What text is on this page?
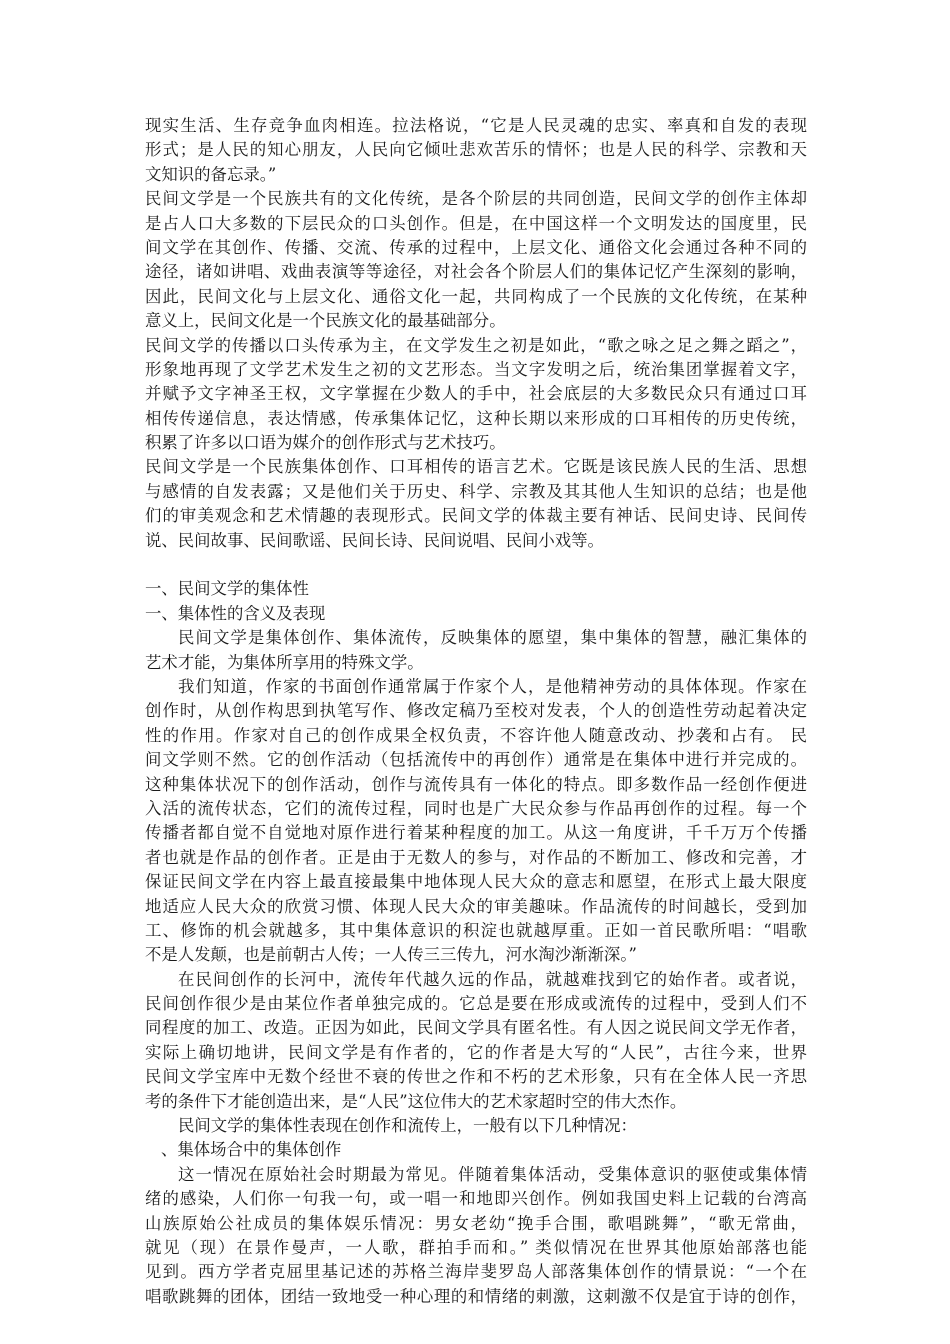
现实生活、生存竞争血肉相连。拉法格说，“它是人民灵魂的忠实、率真和自发的表现
形式；是人民的知心朋友，人民向它倾吐悲欢苦乐的情怀；也是人民的科学、宗教和天
文知识的备忘录。”
民间文学是一个民族共有的文化传统，是各个阶层的共同创造，民间文学的创作主体却
是占人口大多数的下层民众的口头创作。但是，在中国这样一个文明发达的国度里，民
间文学在其创作、传播、交流、传承的过程中，上层文化、通俗文化会通过各种不同的
途径，诸如讲唱、戏曲表演等等途径，对社会各个阶层人们的集体记忆产生深刻的影响，
因此，民间文化与上层文化、通俗文化一起，共同构成了一个民族的文化传统，在某种
意义上，民间文化是一个民族文化的最基础部分。
民间文学的传播以口头传承为主，在文学发生之初是如此，“歌之咏之足之舞之蹈之”，
形象地再现了文学艺术发生之初的文艺形态。当文字发明之后，统治集团掌握着文字，
并赋予文字神圣王权，文字掌握在少数人的手中，社会底层的大多数民众只有通过口耳
相传传递信息，表达情感，传承集体记忆，这种长期以来形成的口耳相传的历史传统，
积累了许多以口语为媒介的创作形式与艺术技巧。
民间文学是一个民族集体创作、口耳相传的语言艺术。它既是该民族人民的生活、思想
与感情的自发表露；又是他们关于历史、科学、宗教及其其他人生知识的总结；也是他
们的审美观念和艺术情趣的表现形式。民间文学的体裁主要有神话、民间史诗、民间传
说、民间故事、民间歌谣、民间长诗、民间说唱、民间小戏等。
一、民间文学的集体性
一、集体性的含义及表现
民间文学是集体创作、集体流传，反映集体的愿望，集中集体的智慧，融汇集体的
艺术才能，为集体所享用的特殊文学。
我们知道，作家的书面创作通常属于作家个人，是他精神劳动的具体体现。作家在
创作时，从创作构思到执笔写作、修改定稿乃至校对发表，个人的创造性劳动起着决定
性的作用。作家对自己的创作成果全权负责，不容许他人随意改动、抄袭和占有。 民
间文学则不然。它的创作活动（包括流传中的再创作）通常是在集体中进行并完成的。
这种集体状况下的创作活动，创作与流传具有一体化的特点。即多数作品一经创作便进
入活的流传状态，它们的流传过程，同时也是广大民众参与作品再创作的过程。每一个
传播者都自觉不自觉地对原作进行着某种程度的加工。从这一角度讲，千千万万个传播
者也就是作品的创作者。正是由于无数人的参与，对作品的不断加工、修改和完善，才
保证民间文学在内容上最直接最集中地体现人民大众的意志和愿望，在形式上最大限度
地适应人民大众的欣赏习惯、体现人民大众的审美趣味。作品流传的时间越长，受到加
工、修饰的机会就越多，其中集体意识的积淀也就越厚重。正如一首民歌所唱：“唱歌
不是人发颠，也是前朝古人传；一人传三三传九，河水淘沙渐渐深。”
在民间创作的长河中，流传年代越久远的作品，就越难找到它的始作者。或者说，
民间创作很少是由某位作者单独完成的。它总是要在形成或流传的过程中，受到人们不
同程度的加工、改造。正因为如此，民间文学具有匿名性。有人因之说民间文学无作者，
实际上确切地讲，民间文学是有作者的，它的作者是大写的“人民”，古往今来，世界
民间文学宝库中无数个经世不衰的传世之作和不朽的艺术形象，只有在全体人民一齐思
考的条件下才能创造出来，是“人民”这位伟大的艺术家超时空的伟大杰作。
民间文学的集体性表现在创作和流传上，一般有以下几种情况：
、集体场合中的集体创作
这一情况在原始社会时期最为常见。伴随着集体活动，受集体意识的驱使或集体情
绪的感染，人们你一句我一句，或一唱一和地即兴创作。例如我国史料上记载的台湾高
山族原始公社成员的集体娱乐情况：男女老幼“挽手合围，歌唱跳舞”，“歌无常曲，
就见（现）在景作曼声，一人歌，群拍手而和。” 类似情况在世界其他原始部落也能
见到。西方学者克屈里基记述的苏格兰海岸斐罗岛人部落集体创作的情景说：“一个在
唱歌跳舞的团体，团结一致地受一种心理的和情绪的刺激，这刺激不仅是宜于诗的创作，
